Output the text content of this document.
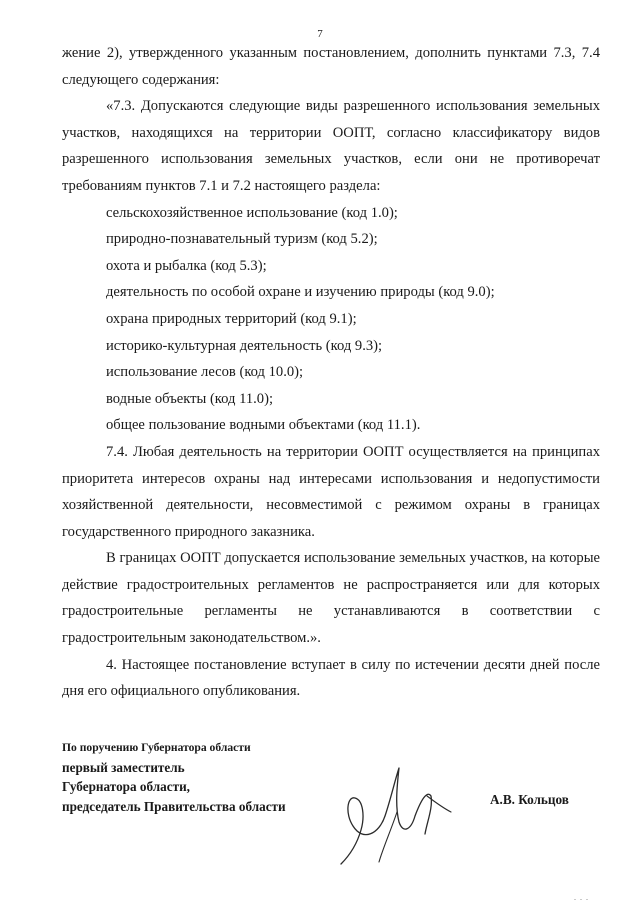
7

жение 2), утвержденного указанным постановлением, дополнить пунктами 7.3, 7.4 следующего содержания:

«7.3. Допускаются следующие виды разрешенного использования земельных участков, находящихся на территории ООПТ, согласно классификатору видов разрешенного использования земельных участков, если они не противоречат требованиям пунктов 7.1 и 7.2 настоящего раздела:

сельскохозяйственное использование (код 1.0);

природно-познавательный туризм (код 5.2);

охота и рыбалка (код 5.3);

деятельность по особой охране и изучению природы (код 9.0);

охрана природных территорий (код 9.1);

историко-культурная деятельность (код 9.3);

использование лесов (код 10.0);

водные объекты (код 11.0);

общее пользование водными объектами (код 11.1).

7.4. Любая деятельность на территории ООПТ осуществляется на принципах приоритета интересов охраны над интересами использования и недопустимости хозяйственной деятельности, несовместимой с режимом охраны в границах государственного природного заказника.

В границах ООПТ допускается использование земельных участков, на которые действие градостроительных регламентов не распространяется или для которых градостроительные регламенты не устанавливаются в соответствии с градостроительным законодательством.».

4. Настоящее постановление вступает в силу по истечении десяти дней после дня его официального опубликования.

По поручению Губернатора области
первый заместитель
Губернатора области,
председатель Правительства области	А.В. Кольцов
. . .
